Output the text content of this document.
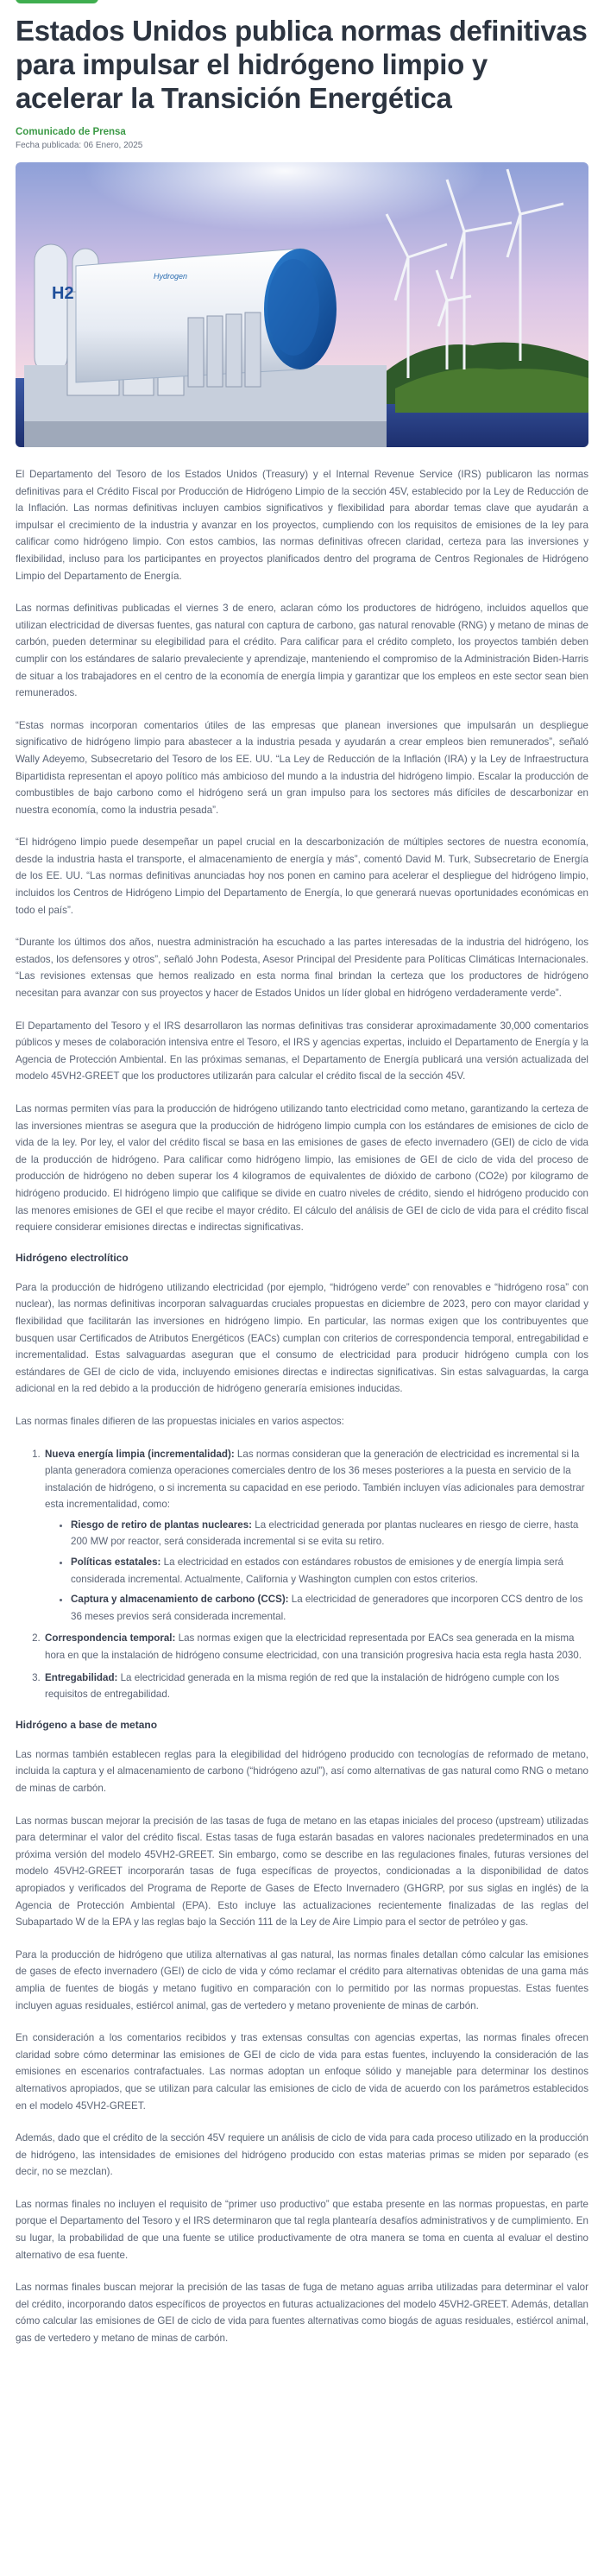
Estados Unidos publica normas definitivas para impulsar el hidrógeno limpio y acelerar la Transición Energética
Comunicado de Prensa
Fecha publicada: 06 Enero, 2025
H2
Hydrogen

El Departamento del Tesoro de los Estados Unidos (Treasury) y el Internal Revenue Service (IRS) publicaron las normas definitivas para el Crédito Fiscal por Producción de Hidrógeno Limpio de la sección 45V, establecido por la Ley de Reducción de la Inflación. Las normas definitivas incluyen cambios significativos y flexibilidad para abordar temas clave que ayudarán a impulsar el crecimiento de la industria y avanzar en los proyectos, cumpliendo con los requisitos de emisiones de la ley para calificar como hidrógeno limpio. Con estos cambios, las normas definitivas ofrecen claridad, certeza para las inversiones y flexibilidad, incluso para los participantes en proyectos planificados dentro del programa de Centros Regionales de Hidrógeno Limpio del Departamento de Energía.

Las normas definitivas publicadas el viernes 3 de enero, aclaran cómo los productores de hidrógeno, incluidos aquellos que utilizan electricidad de diversas fuentes, gas natural con captura de carbono, gas natural renovable (RNG) y metano de minas de carbón, pueden determinar su elegibilidad para el crédito. Para calificar para el crédito completo, los proyectos también deben cumplir con los estándares de salario prevaleciente y aprendizaje, manteniendo el compromiso de la Administración Biden-Harris de situar a los trabajadores en el centro de la economía de energía limpia y garantizar que los empleos en este sector sean bien remunerados.

“Estas normas incorporan comentarios útiles de las empresas que planean inversiones que impulsarán un despliegue significativo de hidrógeno limpio para abastecer a la industria pesada y ayudarán a crear empleos bien remunerados”, señaló Wally Adeyemo, Subsecretario del Tesoro de los EE. UU. “La Ley de Reducción de la Inflación (IRA) y la Ley de Infraestructura Bipartidista representan el apoyo político más ambicioso del mundo a la industria del hidrógeno limpio. Escalar la producción de combustibles de bajo carbono como el hidrógeno será un gran impulso para los sectores más difíciles de descarbonizar en nuestra economía, como la industria pesada”.

“El hidrógeno limpio puede desempeñar un papel crucial en la descarbonización de múltiples sectores de nuestra economía, desde la industria hasta el transporte, el almacenamiento de energía y más”, comentó David M. Turk, Subsecretario de Energía de los EE. UU. “Las normas definitivas anunciadas hoy nos ponen en camino para acelerar el despliegue del hidrógeno limpio, incluidos los Centros de Hidrógeno Limpio del Departamento de Energía, lo que generará nuevas oportunidades económicas en todo el país”.

“Durante los últimos dos años, nuestra administración ha escuchado a las partes interesadas de la industria del hidrógeno, los estados, los defensores y otros”, señaló John Podesta, Asesor Principal del Presidente para Políticas Climáticas Internacionales. “Las revisiones extensas que hemos realizado en esta norma final brindan la certeza que los productores de hidrógeno necesitan para avanzar con sus proyectos y hacer de Estados Unidos un líder global en hidrógeno verdaderamente verde”.

El Departamento del Tesoro y el IRS desarrollaron las normas definitivas tras considerar aproximadamente 30,000 comentarios públicos y meses de colaboración intensiva entre el Tesoro, el IRS y agencias expertas, incluido el Departamento de Energía y la Agencia de Protección Ambiental. En las próximas semanas, el Departamento de Energía publicará una versión actualizada del modelo 45VH2-GREET que los productores utilizarán para calcular el crédito fiscal de la sección 45V.

Las normas permiten vías para la producción de hidrógeno utilizando tanto electricidad como metano, garantizando la certeza de las inversiones mientras se asegura que la producción de hidrógeno limpio cumpla con los estándares de emisiones de ciclo de vida de la ley. Por ley, el valor del crédito fiscal se basa en las emisiones de gases de efecto invernadero (GEI) de ciclo de vida de la producción de hidrógeno. Para calificar como hidrógeno limpio, las emisiones de GEI de ciclo de vida del proceso de producción de hidrógeno no deben superar los 4 kilogramos de equivalentes de dióxido de carbono (CO2e) por kilogramo de hidrógeno producido. El hidrógeno limpio que califique se divide en cuatro niveles de crédito, siendo el hidrógeno producido con las menores emisiones de GEI el que recibe el mayor crédito. El cálculo del análisis de GEI de ciclo de vida para el crédito fiscal requiere considerar emisiones directas e indirectas significativas.

Hidrógeno electrolítico

Para la producción de hidrógeno utilizando electricidad (por ejemplo, “hidrógeno verde” con renovables e “hidrógeno rosa” con nuclear), las normas definitivas incorporan salvaguardas cruciales propuestas en diciembre de 2023, pero con mayor claridad y flexibilidad que facilitarán las inversiones en hidrógeno limpio. En particular, las normas exigen que los contribuyentes que busquen usar Certificados de Atributos Energéticos (EACs) cumplan con criterios de correspondencia temporal, entregabilidad e incrementalidad. Estas salvaguardas aseguran que el consumo de electricidad para producir hidrógeno cumpla con los estándares de GEI de ciclo de vida, incluyendo emisiones directas e indirectas significativas. Sin estas salvaguardas, la carga adicional en la red debido a la producción de hidrógeno generaría emisiones inducidas.

Las normas finales difieren de las propuestas iniciales en varios aspectos:

1. Nueva energía limpia (incrementalidad): Las normas consideran que la generación de electricidad es incremental si la planta generadora comienza operaciones comerciales dentro de los 36 meses posteriores a la puesta en servicio de la instalación de hidrógeno, o si incrementa su capacidad en ese periodo. También incluyen vías adicionales para demostrar esta incrementalidad, como:
• Riesgo de retiro de plantas nucleares: La electricidad generada por plantas nucleares en riesgo de cierre, hasta 200 MW por reactor, será considerada incremental si se evita su retiro.
• Políticas estatales: La electricidad en estados con estándares robustos de emisiones y de energía limpia será considerada incremental. Actualmente, California y Washington cumplen con estos criterios.
• Captura y almacenamiento de carbono (CCS): La electricidad de generadores que incorporen CCS dentro de los 36 meses previos será considerada incremental.
2. Correspondencia temporal: Las normas exigen que la electricidad representada por EACs sea generada en la misma hora en que la instalación de hidrógeno consume electricidad, con una transición progresiva hacia esta regla hasta 2030.
3. Entregabilidad: La electricidad generada en la misma región de red que la instalación de hidrógeno cumple con los requisitos de entregabilidad.
Hidrógeno a base de metano

Las normas también establecen reglas para la elegibilidad del hidrógeno producido con tecnologías de reformado de metano, incluida la captura y el almacenamiento de carbono (“hidrógeno azul”), así como alternativas de gas natural como RNG o metano de minas de carbón.

Las normas buscan mejorar la precisión de las tasas de fuga de metano en las etapas iniciales del proceso (upstream) utilizadas para determinar el valor del crédito fiscal. Estas tasas de fuga estarán basadas en valores nacionales predeterminados en una próxima versión del modelo 45VH2-GREET. Sin embargo, como se describe en las regulaciones finales, futuras versiones del modelo 45VH2-GREET incorporarán tasas de fuga específicas de proyectos, condicionadas a la disponibilidad de datos apropiados y verificados del Programa de Reporte de Gases de Efecto Invernadero (GHGRP, por sus siglas en inglés) de la Agencia de Protección Ambiental (EPA). Esto incluye las actualizaciones recientemente finalizadas de las reglas del Subapartado W de la EPA y las reglas bajo la Sección 111 de la Ley de Aire Limpio para el sector de petróleo y gas.

Para la producción de hidrógeno que utiliza alternativas al gas natural, las normas finales detallan cómo calcular las emisiones de gases de efecto invernadero (GEI) de ciclo de vida y cómo reclamar el crédito para alternativas obtenidas de una gama más amplia de fuentes de biogás y metano fugitivo en comparación con lo permitido por las normas propuestas. Estas fuentes incluyen aguas residuales, estiércol animal, gas de vertedero y metano proveniente de minas de carbón.

En consideración a los comentarios recibidos y tras extensas consultas con agencias expertas, las normas finales ofrecen claridad sobre cómo determinar las emisiones de GEI de ciclo de vida para estas fuentes, incluyendo la consideración de las emisiones en escenarios contrafactuales. Las normas adoptan un enfoque sólido y manejable para determinar los destinos alternativos apropiados, que se utilizan para calcular las emisiones de ciclo de vida de acuerdo con los parámetros establecidos en el modelo 45VH2-GREET.

Además, dado que el crédito de la sección 45V requiere un análisis de ciclo de vida para cada proceso utilizado en la producción de hidrógeno, las intensidades de emisiones del hidrógeno producido con estas materias primas se miden por separado (es decir, no se mezclan).

Las normas finales no incluyen el requisito de “primer uso productivo” que estaba presente en las normas propuestas, en parte porque el Departamento del Tesoro y el IRS determinaron que tal regla plantearía desafíos administrativos y de cumplimiento. En su lugar, la probabilidad de que una fuente se utilice productivamente de otra manera se toma en cuenta al evaluar el destino alternativo de esa fuente.

Las normas finales buscan mejorar la precisión de las tasas de fuga de metano aguas arriba utilizadas para determinar el valor del crédito, incorporando datos específicos de proyectos en futuras actualizaciones del modelo 45VH2-GREET. Además, detallan cómo calcular las emisiones de GEI de ciclo de vida para fuentes alternativas como biogás de aguas residuales, estiércol animal, gas de vertedero y metano de minas de carbón.
